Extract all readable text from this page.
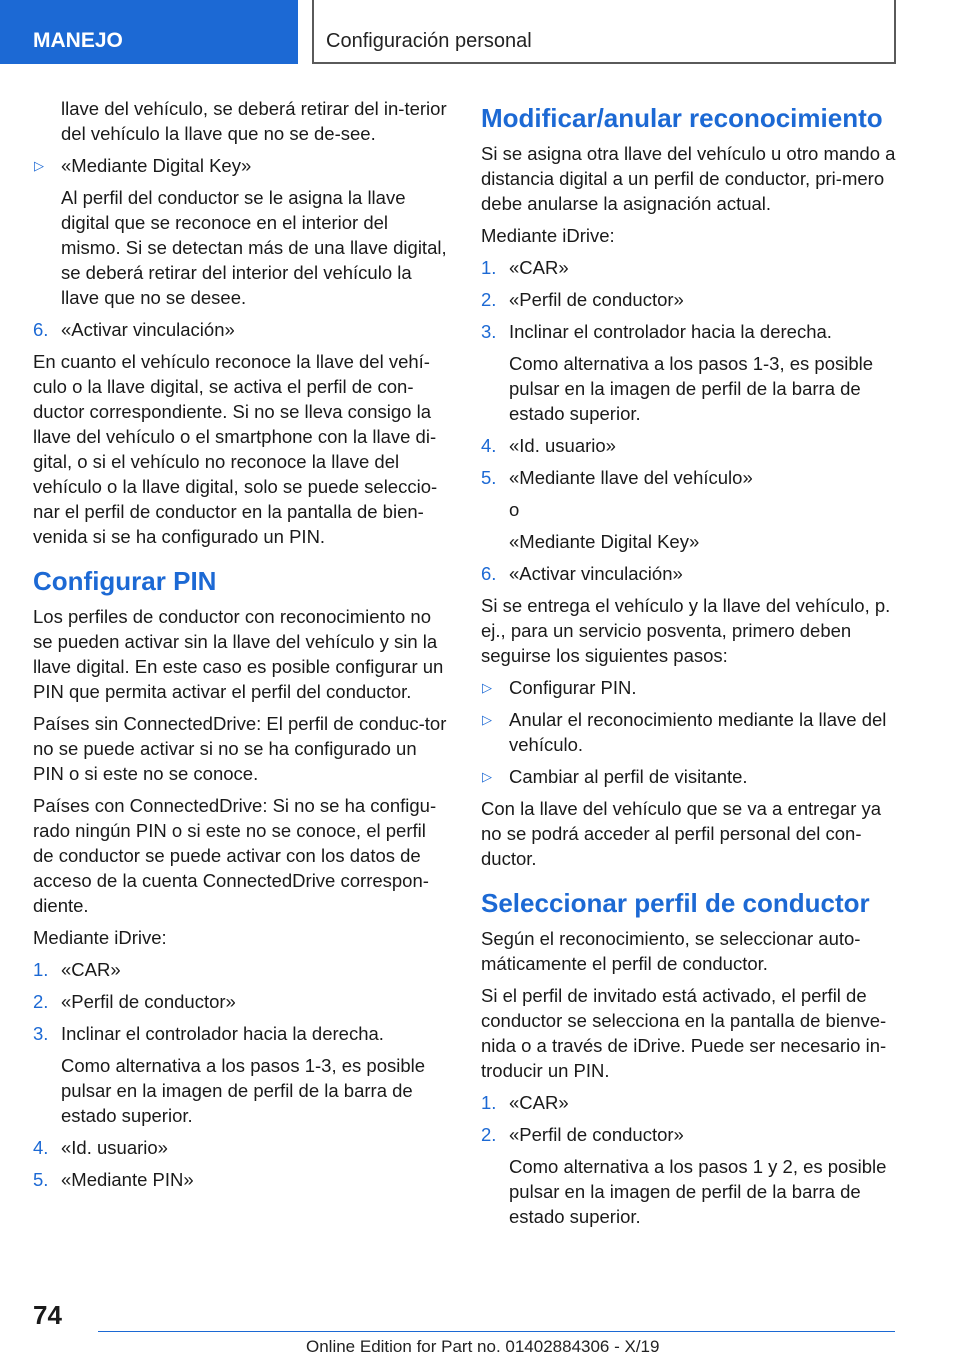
MANEJO	Configuración personal

llave del vehículo, se deberá retirar del in-terior del vehículo la llave que no se de-see.

▷ «Mediante Digital Key»

Al perfil del conductor se le asigna la llave digital que se reconoce en el interior del mismo. Si se detectan más de una llave digital, se deberá retirar del interior del vehículo la llave que no se desee.

6. «Activar vinculación»

En cuanto el vehículo reconoce la llave del vehí-culo o la llave digital, se activa el perfil de con-ductor correspondiente. Si no se lleva consigo la llave del vehículo o el smartphone con la llave di-gital, o si el vehículo no reconoce la llave del vehículo o la llave digital, solo se puede seleccio-nar el perfil de conductor en la pantalla de bien-venida si se ha configurado un PIN.

Configurar PIN

Los perfiles de conductor con reconocimiento no se pueden activar sin la llave del vehículo y sin la llave digital. En este caso es posible configurar un PIN que permita activar el perfil del conductor.

Países sin ConnectedDrive: El perfil de conduc-tor no se puede activar si no se ha configurado un PIN o si este no se conoce.

Países con ConnectedDrive: Si no se ha configu-rado ningún PIN o si este no se conoce, el perfil de conductor se puede activar con los datos de acceso de la cuenta ConnectedDrive correspon-diente.

Mediante iDrive:

1. «CAR»
2. «Perfil de conductor»
3. Inclinar el controlador hacia la derecha.

Como alternativa a los pasos 1-3, es posible pulsar en la imagen de perfil de la barra de estado superior.

4. «Id. usuario»
5. «Mediante PIN»
Modificar/anular reconocimiento

Si se asigna otra llave del vehículo u otro mando a distancia digital a un perfil de conductor, pri-mero debe anularse la asignación actual.

Mediante iDrive:

1. «CAR»
2. «Perfil de conductor»
3. Inclinar el controlador hacia la derecha.

Como alternativa a los pasos 1-3, es posible pulsar en la imagen de perfil de la barra de estado superior.

4. «Id. usuario»
5. «Mediante llave del vehículo»

o

«Mediante Digital Key»

6. «Activar vinculación»

Si se entrega el vehículo y la llave del vehículo, p. ej., para un servicio posventa, primero deben seguirse los siguientes pasos:

▷ Configurar PIN.
▷ Anular el reconocimiento mediante la llave del vehículo.
▷ Cambiar al perfil de visitante.

Con la llave del vehículo que se va a entregar ya no se podrá acceder al perfil personal del con-ductor.

Seleccionar perfil de conductor

Según el reconocimiento, se seleccionar auto-máticamente el perfil de conductor.

Si el perfil de invitado está activado, el perfil de conductor se selecciona en la pantalla de bienve-nida o a través de iDrive. Puede ser necesario in-troducir un PIN.

1. «CAR»
2. «Perfil de conductor»

Como alternativa a los pasos 1 y 2, es posible pulsar en la imagen de perfil de la barra de estado superior.

74
Online Edition for Part no. 01402884306 - X/19
